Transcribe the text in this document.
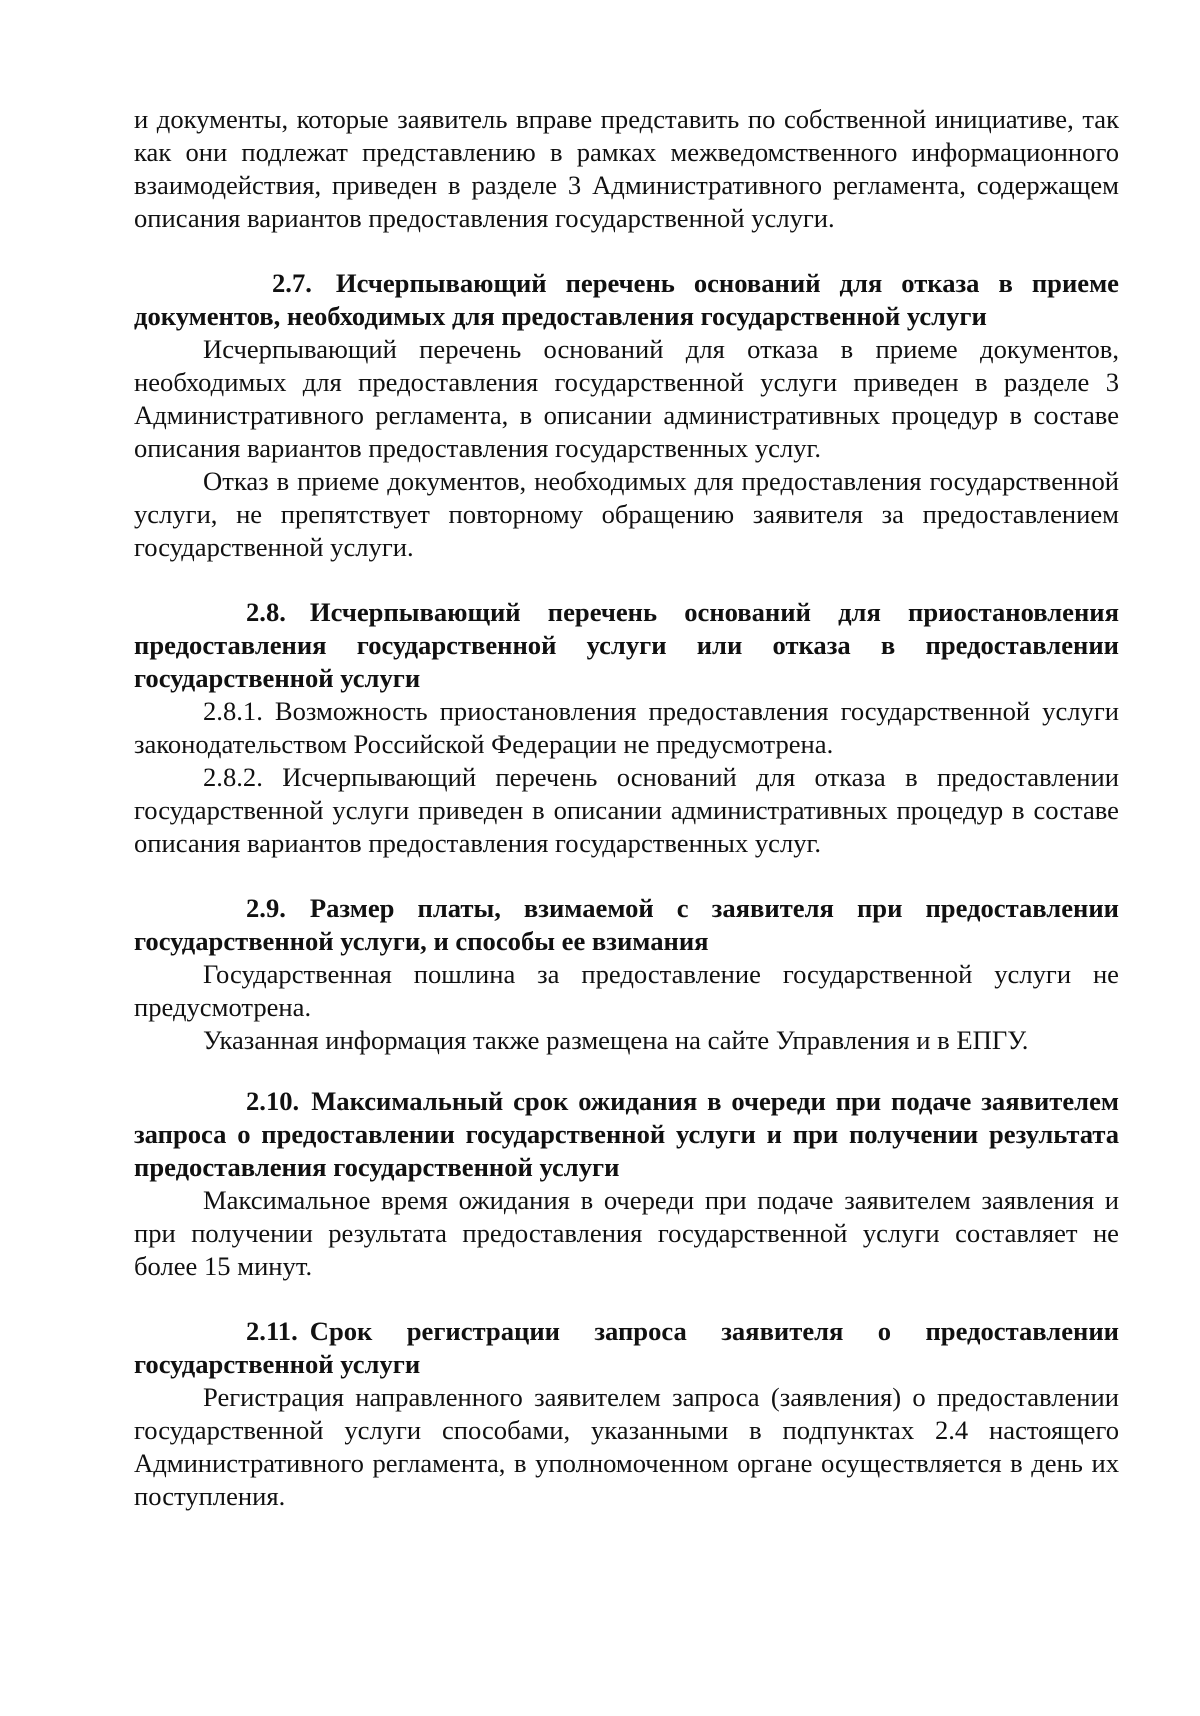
и документы, которые заявитель вправе представить по собственной инициативе, так как они подлежат представлению в рамках межведомственного информационного взаимодействия, приведен в разделе 3 Административного регламента, содержащем описания вариантов предоставления государственной услуги.

2.7. Исчерпывающий перечень оснований для отказа в приеме документов, необходимых для предоставления государственной услуги

Исчерпывающий перечень оснований для отказа в приеме документов, необходимых для предоставления государственной услуги приведен в разделе 3 Административного регламента, в описании административных процедур в составе описания вариантов предоставления государственных услуг.

Отказ в приеме документов, необходимых для предоставления государственной услуги, не препятствует повторному обращению заявителя за предоставлением государственной услуги.

2.8. Исчерпывающий перечень оснований для приостановления предоставления государственной услуги или отказа в предоставлении государственной услуги

2.8.1. Возможность приостановления предоставления государственной услуги законодательством Российской Федерации не предусмотрена.

2.8.2. Исчерпывающий перечень оснований для отказа в предоставлении государственной услуги приведен в описании административных процедур в составе описания вариантов предоставления государственных услуг.

2.9. Размер платы, взимаемой с заявителя при предоставлении государственной услуги, и способы ее взимания

Государственная пошлина за предоставление государственной услуги не предусмотрена.

Указанная информация также размещена на сайте Управления и в ЕПГУ.

2.10. Максимальный срок ожидания в очереди при подаче заявителем запроса о предоставлении государственной услуги и при получении результата предоставления государственной услуги

Максимальное время ожидания в очереди при подаче заявителем заявления и при получении результата предоставления государственной услуги составляет не более 15 минут.

2.11. Срок регистрации запроса заявителя о предоставлении государственной услуги

Регистрация направленного заявителем запроса (заявления) о предоставлении государственной услуги способами, указанными в подпунктах 2.4 настоящего Административного регламента, в уполномоченном органе осуществляется в день их поступления.
